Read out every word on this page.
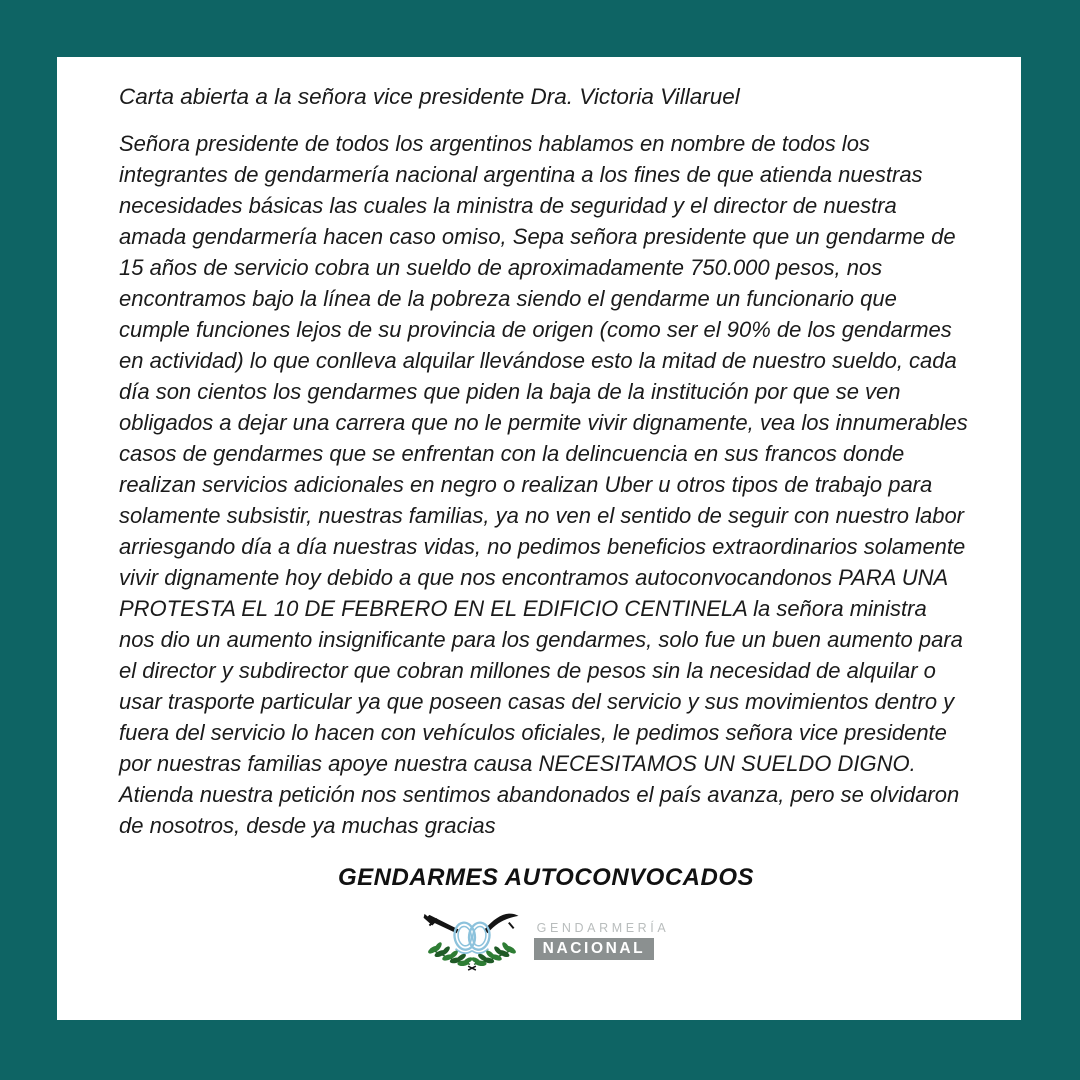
Carta abierta a la señora vice presidente Dra. Victoria Villaruel
Señora presidente de todos los argentinos hablamos en nombre de todos los
integrantes de gendarmería nacional argentina a los fines de que atienda nuestras
necesidades básicas las cuales la ministra de seguridad y el director de nuestra
amada gendarmería hacen caso omiso, Sepa señora presidente que un gendarme de
15 años de servicio cobra un sueldo de aproximadamente 750.000 pesos, nos
encontramos bajo la línea de la pobreza siendo el gendarme un funcionario que
cumple funciones lejos de su provincia de origen (como ser el 90% de los gendarmes
en actividad) lo que conlleva alquilar llevándose esto la mitad de nuestro sueldo, cada
día son cientos los gendarmes que piden la baja de la institución por que se ven
obligados a dejar una carrera que no le permite vivir dignamente, vea los innumerables
casos de gendarmes que se enfrentan con la delincuencia en sus francos donde
realizan servicios adicionales en negro o realizan Uber u otros tipos de trabajo para
solamente subsistir, nuestras familias, ya no ven el sentido de seguir con nuestro labor
arriesgando día a día nuestras vidas, no pedimos beneficios extraordinarios solamente
vivir dignamente hoy debido a que nos encontramos autoconvocandonos PARA UNA
PROTESTA EL 10 DE FEBRERO EN EL EDIFICIO CENTINELA la señora ministra
nos dio un aumento insignificante para los gendarmes, solo fue un buen aumento para
el director y subdirector que cobran millones de pesos sin la necesidad de alquilar o
usar trasporte particular ya que poseen casas del servicio y sus movimientos dentro y
fuera del servicio lo hacen con vehículos oficiales, le pedimos señora vice presidente
por nuestras familias apoye nuestra causa NECESITAMOS UN SUELDO DIGNO.
Atienda nuestra petición nos sentimos abandonados el país avanza, pero se olvidaron
de nosotros, desde ya muchas gracias
GENDARMES AUTOCONVOCADOS
GENDARMERÍA
NACIONAL
